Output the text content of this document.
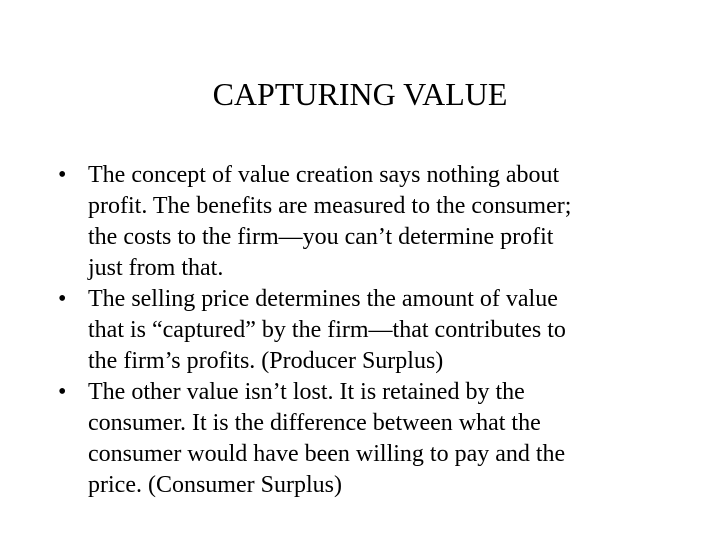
CAPTURING VALUE
• The concept of value creation says nothing about
profit. The benefits are measured to the consumer;
the costs to the firm—you can’t determine profit
just from that.
• The selling price determines the amount of value
that is “captured” by the firm—that contributes to
the firm’s profits. (Producer Surplus)
• The other value isn’t lost. It is retained by the
consumer. It is the difference between what the
consumer would have been willing to pay and the
price. (Consumer Surplus)
